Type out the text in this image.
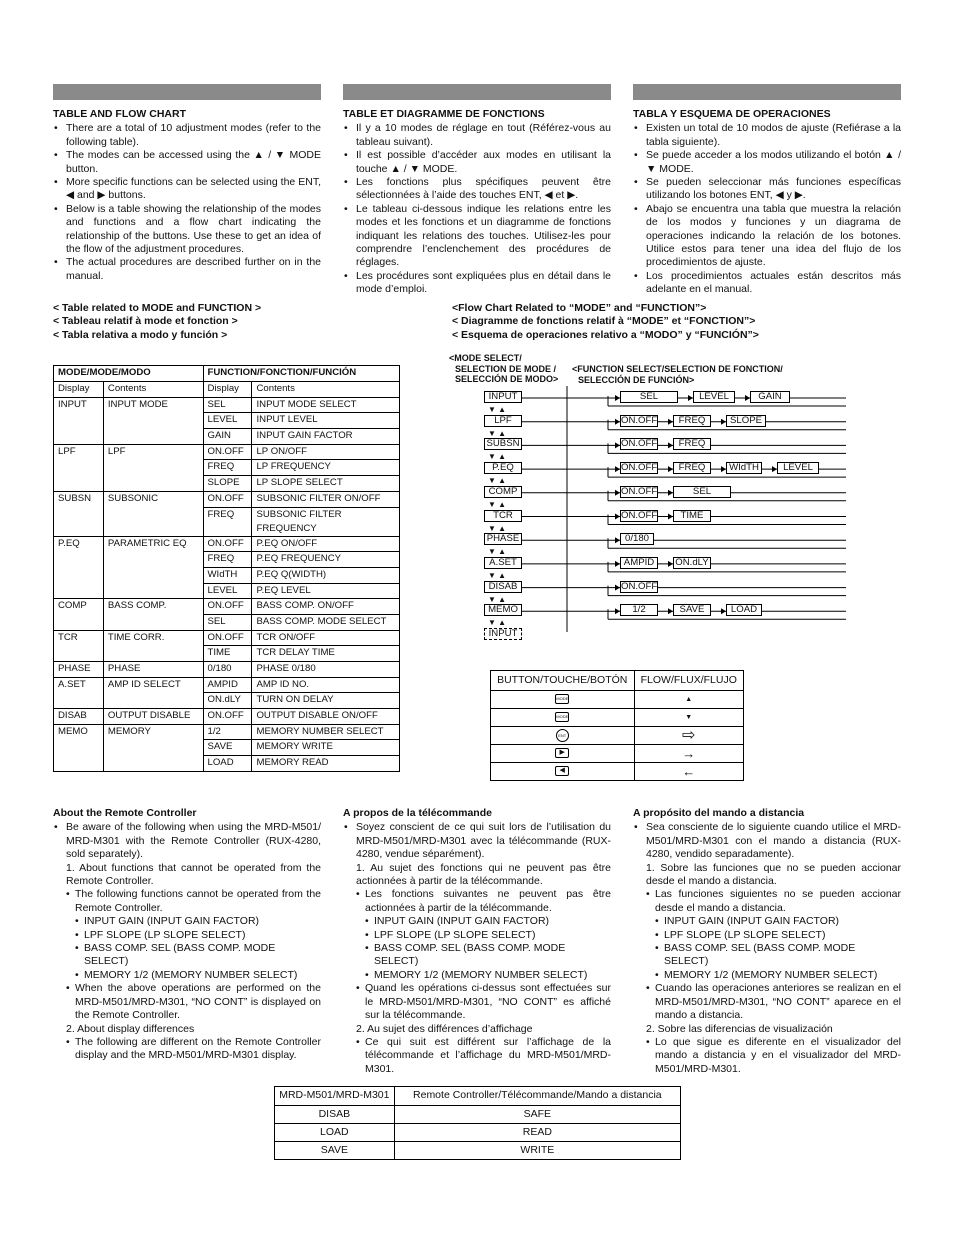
TABLE AND FLOW CHART
• There are a total of 10 adjustment modes (refer to the following table).
• The modes can be accessed using the ▲ / ▼ MODE button.
• More specific functions can be selected using the ENT, ◀ and ▶ buttons.
• Below is a table showing the relationship of the modes and functions and a flow chart indicating the relationship of the buttons. Use these to get an idea of the flow of the adjustment procedures.
• The actual procedures are described further on in the manual.
TABLE ET DIAGRAMME DE FONCTIONS
• Il y a 10 modes de réglage en tout (Référez-vous au tableau suivant).
• Il est possible d’accéder aux modes en utilisant la touche ▲ / ▼ MODE.
• Les fonctions plus spécifiques peuvent être sélectionnées à l’aide des touches ENT, ◀ et ▶.
• Le tableau ci-dessous indique les relations entre les modes et les fonctions et un diagramme de fonctions indiquant les relations des touches. Utilisez-les pour comprendre l’enclenchement des procédures de réglages.
• Les procédures sont expliquées plus en détail dans le mode d’emploi.
TABLA Y ESQUEMA DE OPERACIONES
• Existen un total de 10 modos de ajuste (Refiérase a la tabla siguiente).
• Se puede acceder a los modos utilizando el botón ▲ / ▼ MODE.
• Se pueden seleccionar más funciones específicas utilizando los botones ENT, ◀ y ▶.
• Abajo se encuentra una tabla que muestra la relación de los modos y funciones y un diagrama de operaciones indicando la relación de los botones. Utilice estos para tener una idea del flujo de los procedimientos de ajuste.
• Los procedimientos actuales están descritos más adelante en el manual.
< Table related to MODE and FUNCTION >
< Tableau relatif à mode et fonction >
< Tabla relativa a modo y función >
MODE/MODE/MODO		FUNCTION/FONCTION/FUNCIÓN	
Display	Contents	Display	Contents
INPUT	INPUT MODE	SEL	INPUT MODE SELECT
		LEVEL	INPUT LEVEL
		GAIN	INPUT GAIN FACTOR
LPF	LPF	ON.OFF	LP ON/OFF
		FREQ	LP FREQUENCY
		SLOPE	LP SLOPE SELECT
SUBSN	SUBSONIC	ON.OFF	SUBSONIC FILTER ON/OFF
		FREQ	SUBSONIC FILTER FREQUENCY
P.EQ	PARAMETRIC EQ	ON.OFF	P.EQ ON/OFF
		FREQ	P.EQ FREQUENCY
		WIdTH	P.EQ Q(WIDTH)
		LEVEL	P.EQ LEVEL
COMP	BASS COMP.	ON.OFF	BASS COMP. ON/OFF
		SEL	BASS COMP. MODE SELECT
TCR	TIME CORR.	ON.OFF	TCR ON/OFF
		TIME	TCR DELAY TIME
PHASE	PHASE	0/180	PHASE 0/180
A.SET	AMP ID SELECT	AMPID	AMP ID NO.
		ON.dLY	TURN ON DELAY
DISAB	OUTPUT DISABLE	ON.OFF	OUTPUT DISABLE ON/OFF
MEMO	MEMORY	1/2	MEMORY NUMBER SELECT
		SAVE	MEMORY WRITE
		LOAD	MEMORY READ
<Flow Chart Related to “MODE” and “FUNCTION”>
< Diagramme de fonctions relatif à “MODE” et “FONCTION”>
< Esquema de operaciones relativo a “MODO” y “FUNCIÓN”>
<MODE SELECT/
SELECTION DE MODE /
SELECCIÓN DE MODO>
<FUNCTION SELECT/SELECTION DE FONCTION/
SELECCIÓN DE FUNCIÓN>
INPUT
▼ ▲
SEL	LEVEL	GAIN
LPF
▼ ▲
ON.OFF	FREQ	SLOPE
SUBSN
▼ ▲
ON.OFF	FREQ
P.EQ
▼ ▲
ON.OFF	FREQ	WIdTH	LEVEL
COMP
▼ ▲
ON.OFF	SEL
TCR
▼ ▲
ON.OFF	TIME
PHASE
▼ ▲
0/180
A.SET
▼ ▲
AMPID	ON.dLY
DISAB
▼ ▲
ON.OFF
MEMO
▼ ▲
1/2	SAVE	LOAD
INPUT
BUTTON/TOUCHE/BOTÓN	FLOW/FLUX/FLUJO
MODE	▲
MODE	▼
ENT	⇨
▶	→
◀	←
About the Remote Controller
• Be aware of the following when using the MRD-M501/ MRD-M301 with the Remote Controller (RUX-4280, sold separately).
1. About functions that cannot be operated from the Remote Controller.
• The following functions cannot be operated from the Remote Controller.
• INPUT GAIN (INPUT GAIN FACTOR)
• LPF SLOPE (LP SLOPE SELECT)
• BASS COMP. SEL (BASS COMP. MODE SELECT)
• MEMORY 1/2 (MEMORY NUMBER SELECT)
• When the above operations are performed on the MRD-M501/MRD-M301, “NO CONT” is displayed on the Remote Controller.
2. About display differences
• The following are different on the Remote Controller display and the MRD-M501/MRD-M301 display.
A propos de la télécommande
• Soyez conscient de ce qui suit lors de l’utilisation du MRD-M501/MRD-M301 avec la télécommande (RUX-4280, vendue séparément).
1. Au sujet des fonctions qui ne peuvent pas être actionnées à partir de la télécommande.
• Les fonctions suivantes ne peuvent pas être actionnées à partir de la télécommande.
• INPUT GAIN (INPUT GAIN FACTOR)
• LPF SLOPE (LP SLOPE SELECT)
• BASS COMP. SEL (BASS COMP. MODE SELECT)
• MEMORY 1/2 (MEMORY NUMBER SELECT)
• Quand les opérations ci-dessus sont effectuées sur le MRD-M501/MRD-M301, “NO CONT” es affiché sur la télécommande.
2. Au sujet des différences d’affichage
• Ce qui suit est différent sur l’affichage de la télécommande et l’affichage du MRD-M501/MRD-M301.
A propósito del mando a distancia
• Sea consciente de lo siguiente cuando utilice el MRD-M501/MRD-M301 con el mando a distancia (RUX-4280, vendido separadamente).
1. Sobre las funciones que no se pueden accionar desde el mando a distancia.
• Las funciones siguientes no se pueden accionar desde el mando a distancia.
• INPUT GAIN (INPUT GAIN FACTOR)
• LPF SLOPE (LP SLOPE SELECT)
• BASS COMP. SEL (BASS COMP. MODE SELECT)
• MEMORY 1/2 (MEMORY NUMBER SELECT)
• Cuando las operaciones anteriores se realizan en el MRD-M501/MRD-M301, “NO CONT” aparece en el mando a distancia.
2. Sobre las diferencias de visualización
• Lo que sigue es diferente en el visualizador del mando a distancia y en el visualizador del MRD-M501/MRD-M301.
MRD-M501/MRD-M301	Remote Controller/Télécommande/Mando a distancia
DISAB	SAFE
LOAD	READ
SAVE	WRITE
